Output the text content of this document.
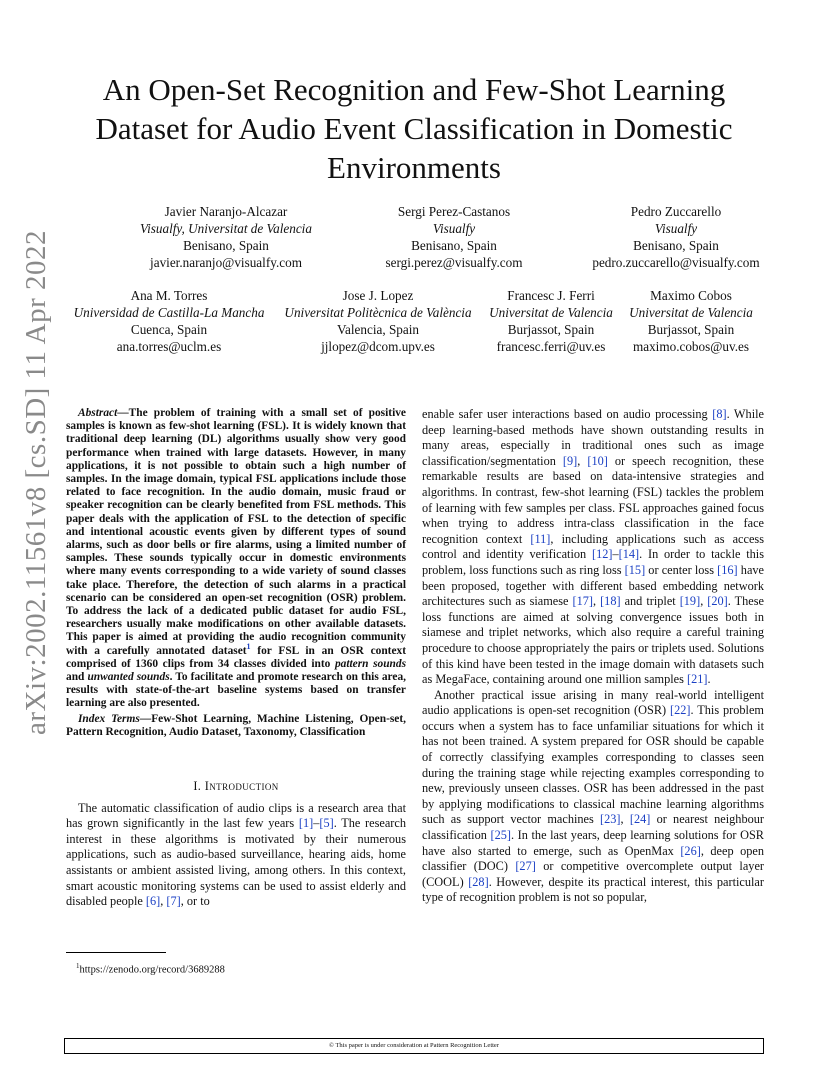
arXiv:2002.11561v8 [cs.SD] 11 Apr 2022
An Open-Set Recognition and Few-Shot Learning
Dataset for Audio Event Classification in Domestic
Environments
Javier Naranjo-Alcazar
Visualfy, Universitat de Valencia
Benisano, Spain
javier.naranjo@visualfy.com
Sergi Perez-Castanos
Visualfy
Benisano, Spain
sergi.perez@visualfy.com
Pedro Zuccarello
Visualfy
Benisano, Spain
pedro.zuccarello@visualfy.com
Ana M. Torres
Universidad de Castilla-La Mancha
Cuenca, Spain
ana.torres@uclm.es
Jose J. Lopez
Universitat Politècnica de València
Valencia, Spain
jjlopez@dcom.upv.es
Francesc J. Ferri
Universitat de Valencia
Burjassot, Spain
francesc.ferri@uv.es
Maximo Cobos
Universitat de Valencia
Burjassot, Spain
maximo.cobos@uv.es

Abstract—The problem of training with a small set of positive samples is known as few-shot learning (FSL). It is widely known that traditional deep learning (DL) algorithms usually show very good performance when trained with large datasets. However, in many applications, it is not possible to obtain such a high number of samples. In the image domain, typical FSL applications include those related to face recognition. In the audio domain, music fraud or speaker recognition can be clearly benefited from FSL methods. This paper deals with the application of FSL to the detection of specific and intentional acoustic events given by different types of sound alarms, such as door bells or fire alarms, using a limited number of samples. These sounds typically occur in domestic environments where many events corresponding to a wide variety of sound classes take place. Therefore, the detection of such alarms in a practical scenario can be considered an open-set recognition (OSR) problem. To address the lack of a dedicated public dataset for audio FSL, researchers usually make modifications on other available datasets. This paper is aimed at providing the audio recognition community with a carefully annotated dataset$^1$ for FSL in an OSR context comprised of 1360 clips from 34 classes divided into pattern sounds and unwanted sounds. To facilitate and promote research on this area, results with state-of-the-art baseline systems based on transfer learning are also presented.

Index Terms—Few-Shot Learning, Machine Listening, Open-set, Pattern Recognition, Audio Dataset, Taxonomy, Classification

I. Introduction

The automatic classification of audio clips is a research area that has grown significantly in the last few years [1]–[5]. The research interest in these algorithms is motivated by their numerous applications, such as audio-based surveillance, hearing aids, home assistants or ambient assisted living, among others. In this context, smart acoustic monitoring systems can be used to assist elderly and disabled people [6], [7], or to

enable safer user interactions based on audio processing [8]. While deep learning-based methods have shown outstanding results in many areas, especially in traditional ones such as image classification/segmentation [9], [10] or speech recognition, these remarkable results are based on data-intensive strategies and algorithms. In contrast, few-shot learning (FSL) tackles the problem of learning with few samples per class. FSL approaches gained focus when trying to address intra-class classification in the face recognition context [11], including applications such as access control and identity verification [12]–[14]. In order to tackle this problem, loss functions such as ring loss [15] or center loss [16] have been proposed, together with different based embedding network architectures such as siamese [17], [18] and triplet [19], [20]. These loss functions are aimed at solving convergence issues both in siamese and triplet networks, which also require a careful training procedure to choose appropriately the pairs or triplets used. Solutions of this kind have been tested in the image domain with datasets such as MegaFace, containing around one million samples [21].

Another practical issue arising in many real-world intelligent audio applications is open-set recognition (OSR) [22]. This problem occurs when a system has to face unfamiliar situations for which it has not been trained. A system prepared for OSR should be capable of correctly classifying examples corresponding to classes seen during the training stage while rejecting examples corresponding to new, previously unseen classes. OSR has been addressed in the past by applying modifications to classical machine learning algorithms such as support vector machines [23], [24] or nearest neighbour classification [25]. In the last years, deep learning solutions for OSR have also started to emerge, such as OpenMax [26], deep open classifier (DOC) [27] or competitive overcomplete output layer (COOL) [28]. However, despite its practical interest, this particular type of recognition problem is not so popular,

$^1$https://zenodo.org/record/3689288
© This paper is under consideration at Pattern Recognition Letter
